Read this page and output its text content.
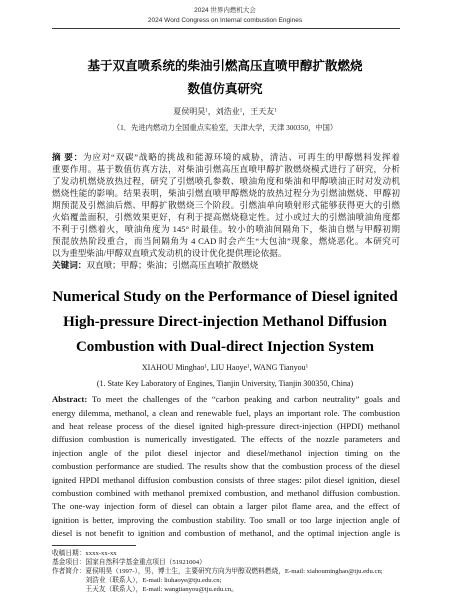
2024 世界内燃机大会
2024 Word Congress on Internal combustion Engines
基于双直喷系统的柴油引燃高压直喷甲醇扩散燃烧
数值仿真研究
夏侯明昊$^1$，刘浩业$^1$，王天友$^1$
（1．先进内燃动力全国重点实验室，天津大学，天津 300350，中国）
摘 要：为应对“双碳”战略的挑战和能源环境的威胁，清洁、可再生的甲醇燃料发挥着
重要作用。基于数值仿真方法，对柴油引燃高压直喷甲醇扩散燃烧模式进行了研究，分析
了发动机燃烧放热过程，研究了引燃喷孔参数、喷油角度和柴油和甲醇喷油正时对发动机
燃烧性能的影响。结果表明，柴油引燃直喷甲醇燃烧的放热过程分为引燃油燃烧、甲醇初
期预混及引燃油后燃、甲醇扩散燃烧三个阶段。引燃油单向喷射形式能够获得更大的引燃
火焰覆盖面积，引燃效果更好，有利于提高燃烧稳定性。过小或过大的引燃油喷油角度都
不利于引燃着火，喷油角度为 145° 时最佳。较小的喷油间隔角下，柴油自燃与甲醇初期
预混放热阶段重合，而当间隔角为 4 CAD 时会产生“大包油”现象，燃烧恶化。本研究可
以为重型柴油/甲醇双直喷式发动机的设计优化提供理论依据。
关键词：双直喷；甲醇；柴油；引燃高压直喷扩散燃烧
Numerical Study on the Performance of Diesel ignited
High-pressure Direct-injection Methanol Diffusion
Combustion with Dual-direct Injection System
XIAHOU Minghao$^1$, LIU Haoye$^1$, WANG Tianyou$^1$
(1. State Key Laboratory of Engines, Tianjin University, Tianjin 300350, China)
Abstract: To meet the challenges of the “carbon peaking and carbon neutrality” goals and
energy dilemma, methanol, a clean and renewable fuel, plays an important role. The combustion
and heat release process of the diesel ignited high-pressure direct-injection (HPDI) methanol
diffusion combustion is numerically investigated. The effects of the nozzle parameters and
injection angle of the pilot diesel injector and diesel/methanol injection timing on the
combustion performance are studied. The results show that the combustion process of the diesel
ignited HPDI methanol diffusion combustion consists of three stages: pilot diesel ignition, diesel
combustion combined with methanol premixed combustion, and methanol diffusion combustion.
The one-way injection form of diesel can obtain a larger pilot flame area, and the effect of
ignition is better, improving the combustion stability. Too small or too large injection angle of
diesel is not benefit to ignition and combustion of methanol, and the optimal injection angle is
收稿日期：xxxx-xx-xx
基金项目：国家自然科学基金重点项目（51921004）
作者简介：夏侯明昊（1997-），男，博士生，主要研究方向为甲醇双燃料燃烧，E-mail: xiahouminghao@tju.edu.cn;
刘浩业（联系人），E-mail: liuhaoye@tju.edu.cn;
王天友（联系人），E-mail: wangtianyou@tju.edu.cn。
